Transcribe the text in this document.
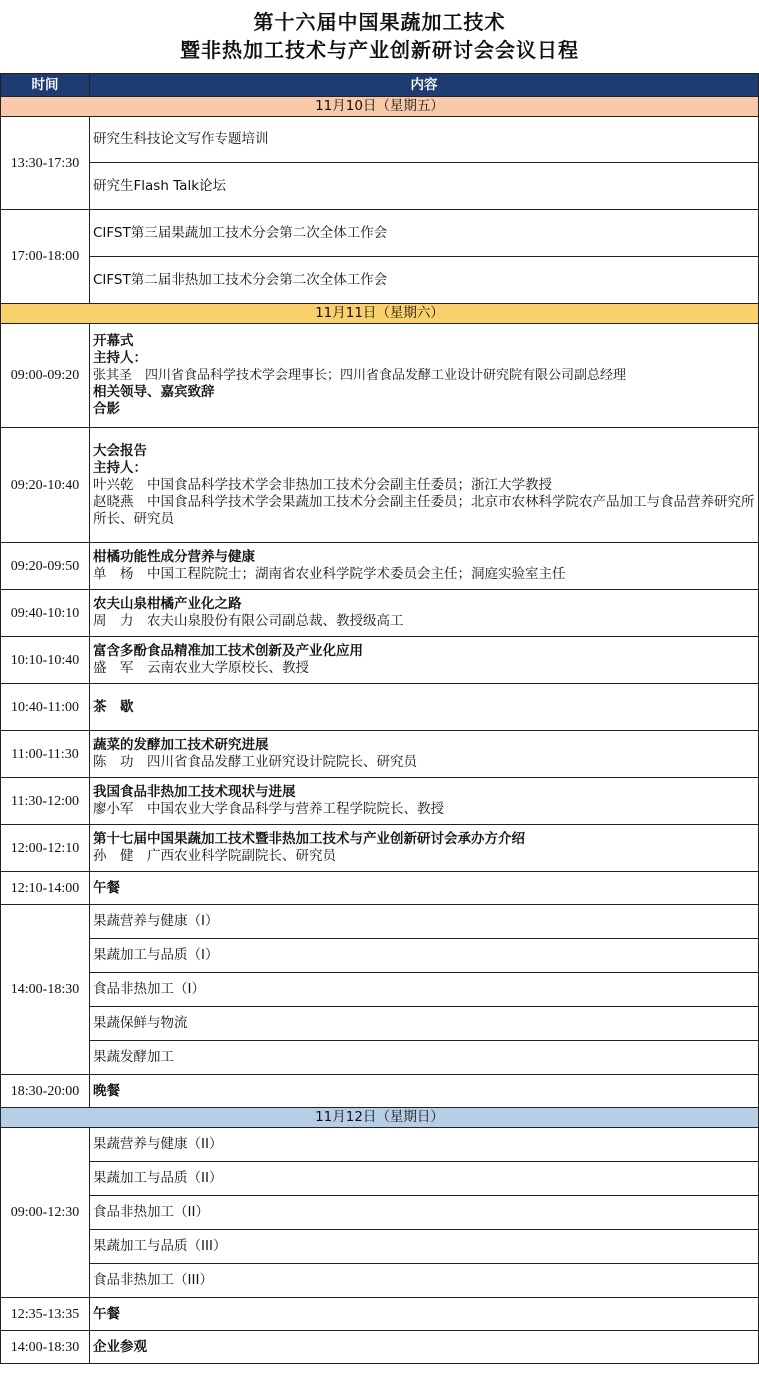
第十六届中国果蔬加工技术
暨非热加工技术与产业创新研讨会会议日程
时间	内容
11月10日（星期五）	
13:30-17:30	研究生科技论文写作专题培训
	研究生Flash Talk论坛
17:00-18:00	CIFST第三届果蔬加工技术分会第二次全体工作会
	CIFST第二届非热加工技术分会第二次全体工作会
11月11日（星期六）	
09:00-09:20	开幕式
主持人：
张其圣　四川省食品科学技术学会理事长；四川省食品发酵工业设计研究院有限公司副总经理
相关领导、嘉宾致辞
合影

09:20-10:40	大会报告
主持人：
叶兴乾　中国食品科学技术学会非热加工技术分会副主任委员；浙江大学教授
赵晓燕　中国食品科学技术学会果蔬加工技术分会副主任委员；北京市农林科学院农产品加工与食品营养研究所所长、研究员

09:20-09:50	柑橘功能性成分营养与健康
单　杨　中国工程院院士；湖南省农业科学院学术委员会主任；洞庭实验室主任

09:40-10:10	农夫山泉柑橘产业化之路
周　力　农夫山泉股份有限公司副总裁、教授级高工

10:10-10:40	富含多酚食品精准加工技术创新及产业化应用
盛　军　云南农业大学原校长、教授

10:40-11:00	茶　歇
11:00-11:30	蔬菜的发酵加工技术研究进展
陈　功　四川省食品发酵工业研究设计院院长、研究员

11:30-12:00	我国食品非热加工技术现状与进展
廖小军　中国农业大学食品科学与营养工程学院院长、教授

12:00-12:10	第十七届中国果蔬加工技术暨非热加工技术与产业创新研讨会承办方介绍
孙　健　广西农业科学院副院长、研究员

12:10-14:00	午餐
14:00-18:30	果蔬营养与健康（I）
	果蔬加工与品质（I）
	食品非热加工（I）
	果蔬保鲜与物流
	果蔬发酵加工
18:30-20:00	晚餐
11月12日（星期日）	
09:00-12:30	果蔬营养与健康（II）
	果蔬加工与品质（II）
	食品非热加工（II）
	果蔬加工与品质（III）
	食品非热加工（III）
12:35-13:35	午餐
14:00-18:30	企业参观
